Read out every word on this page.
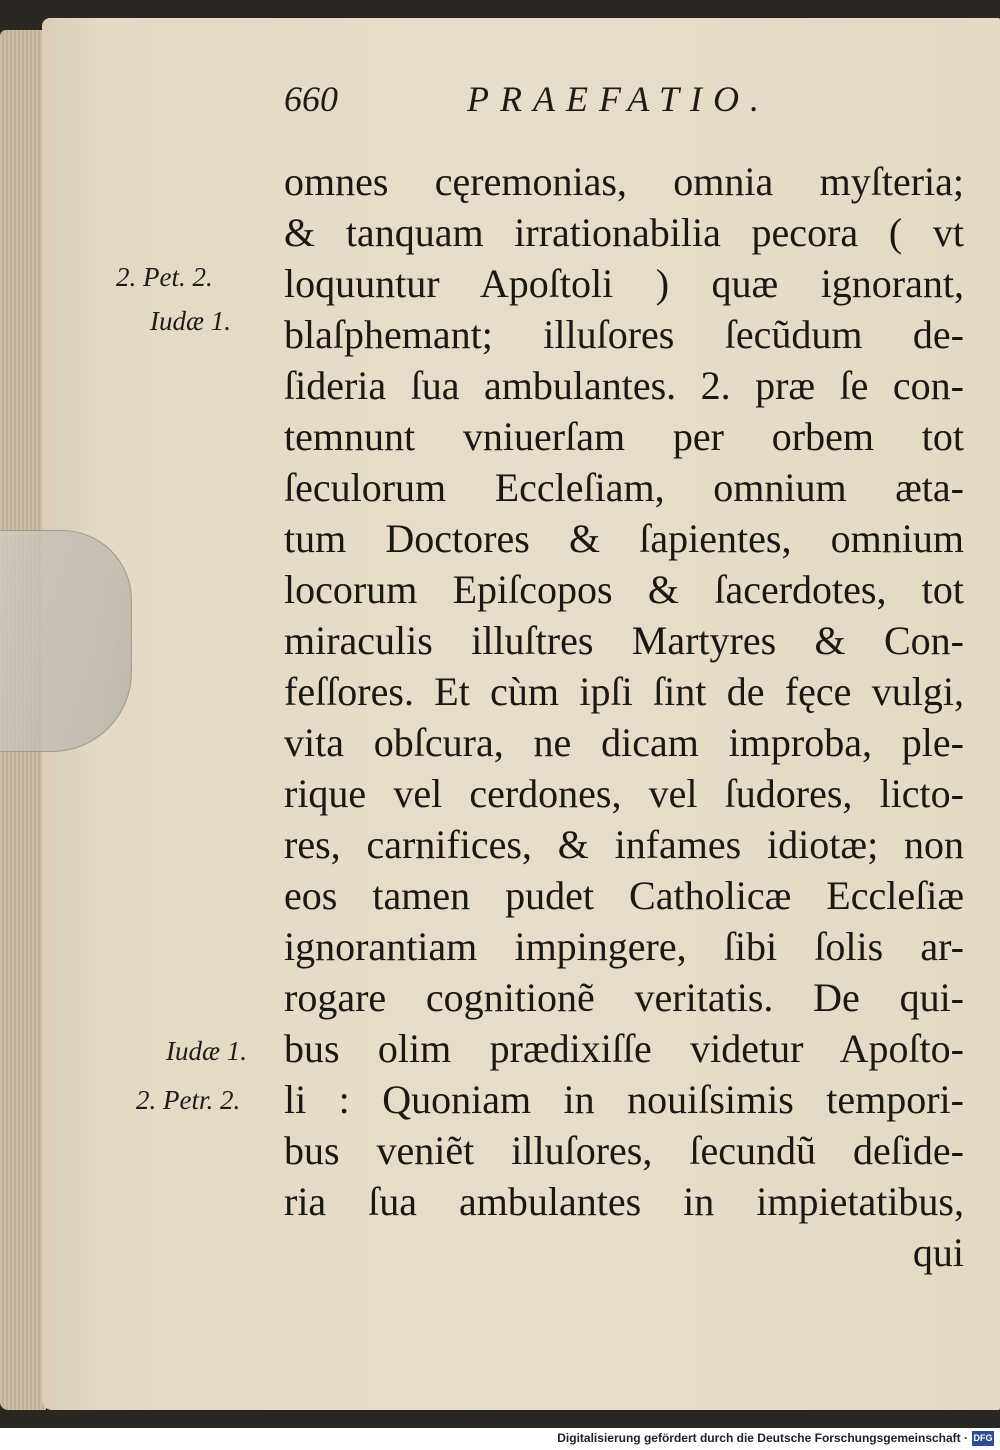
660	PRAEFATIO.
2. Pet. 2.
Iudæ 1.
Iudæ 1.
2. Petr. 2.
omnes cęremonias, omnia myſteria;
& tanquam irrationabilia pecora ( vt
loquuntur Apoſtoli ) quæ ignorant,
blaſphemant; illuſores ſecũdum de-
ſideria ſua ambulantes. 2. præ ſe con-
temnunt vniuerſam per orbem tot
ſeculorum Eccleſiam, omnium æta-
tum Doctores & ſapientes, omnium
locorum Epiſcopos & ſacerdotes, tot
miraculis illuſtres Martyres & Con-
feſſores. Et cùm ipſi ſint de fęce vulgi,
vita obſcura, ne dicam improba, ple-
rique vel cerdones, vel ſudores, licto-
res, carnifices, & infames idiotæ; non
eos tamen pudet Catholicæ Eccleſiæ
ignorantiam impingere, ſibi ſolis ar-
rogare cognitionẽ veritatis. De qui-
bus olim prædixiſſe videtur Apoſto-
li : Quoniam in nouiſsimis tempori-
bus veniẽt illuſores, ſecundũ deſide-
ria ſua ambulantes in impietatibus,
qui
Digitalisierung gefördert durch die Deutsche Forschungsgemeinschaft · DFG
